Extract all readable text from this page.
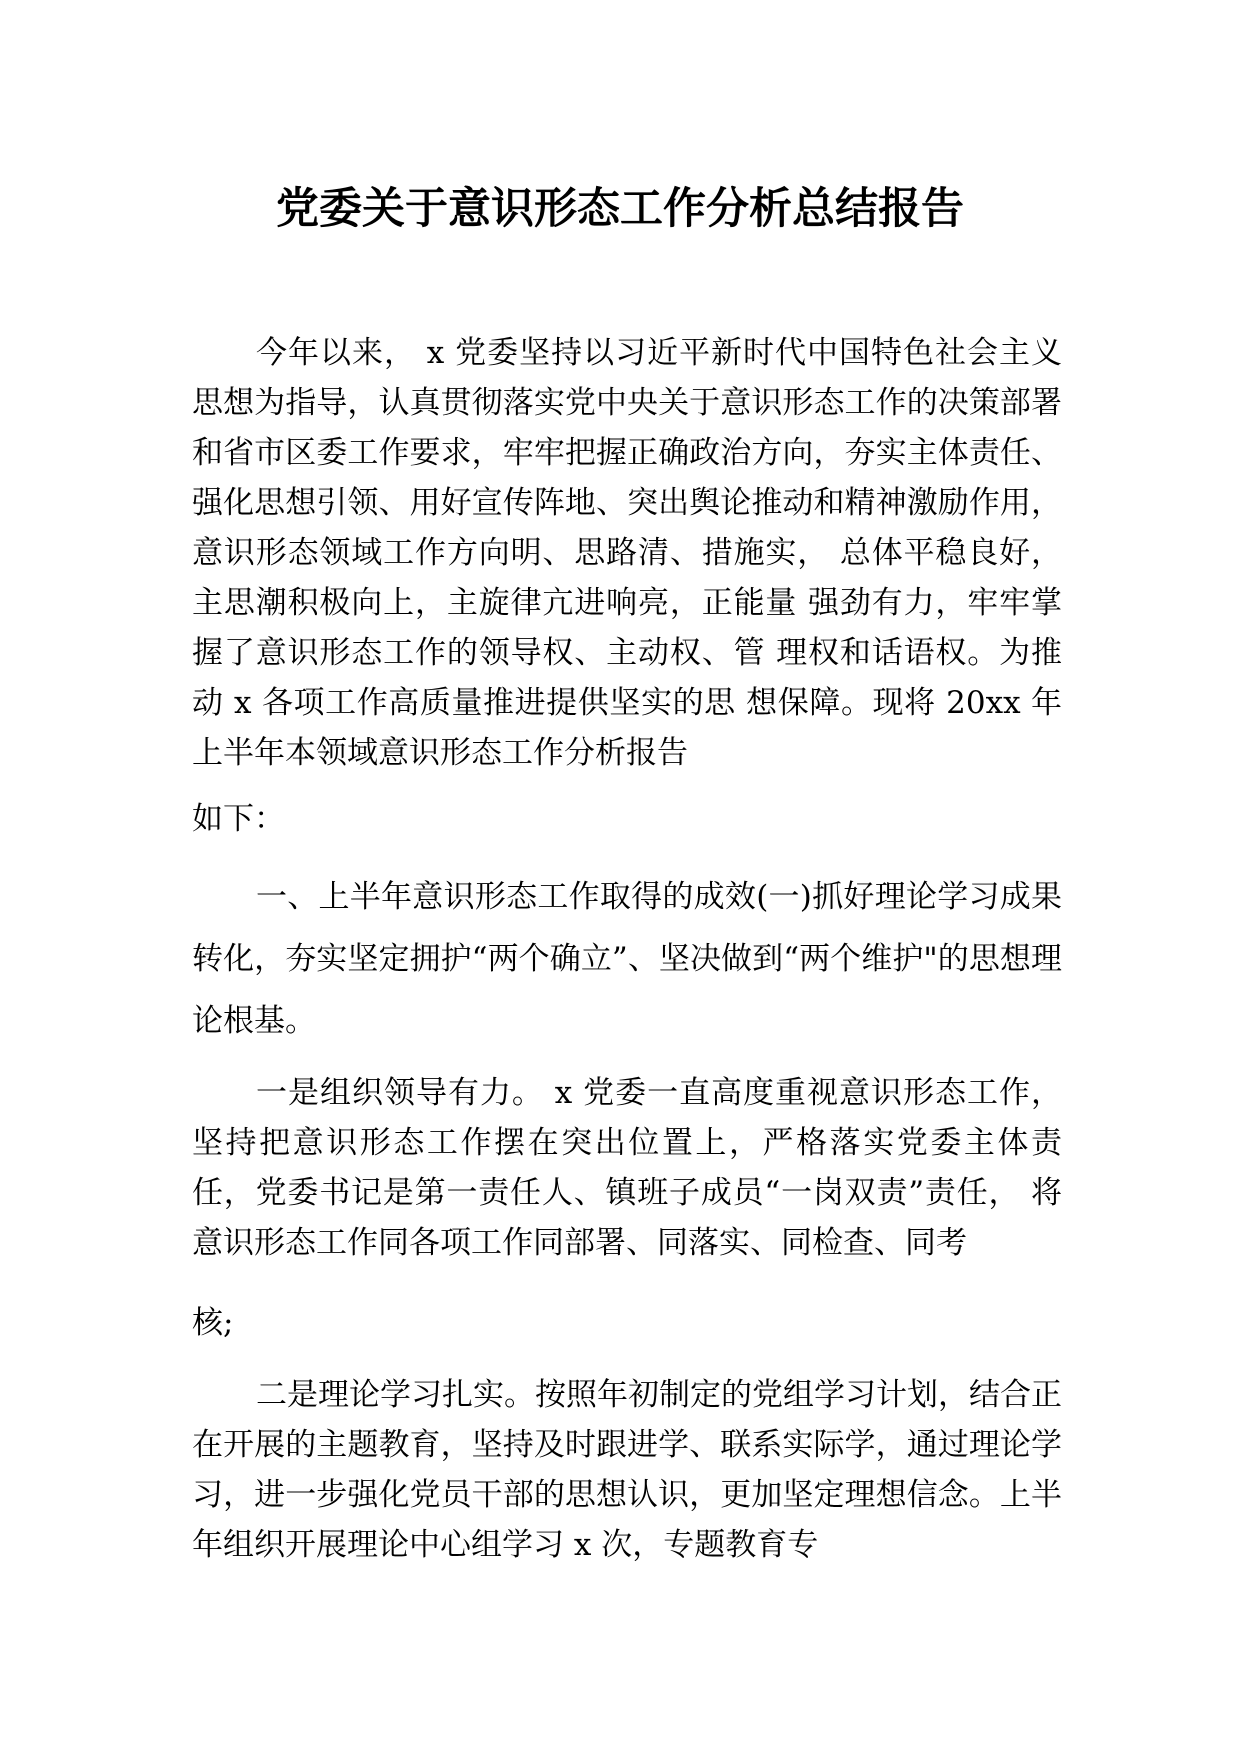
党委关于意识形态工作分析总结报告

今年以来， x 党委坚持以习近平新时代中国特色社会主义思想为指导，认真贯彻落实党中央关于意识形态工作的决策部署和省市区委工作要求，牢牢把握正确政治方向，夯实主体责任、强化思想引领、用好宣传阵地、突出舆论推动和精神激励作用，意识形态领域工作方向明、思路清、措施实， 总体平稳良好，主思潮积极向上，主旋律亢进响亮，正能量 强劲有力，牢牢掌握了意识形态工作的领导权、主动权、管 理权和话语权。为推动 x 各项工作高质量推进提供坚实的思 想保障。现将 20xx 年上半年本领域意识形态工作分析报告

如下：

一、上半年意识形态工作取得的成效(一)抓好理论学习成果转化，夯实坚定拥护“两个确立”、坚决做到“两个维护"的思想理论根基。

一是组织领导有力。 x 党委一直高度重视意识形态工作， 坚持把意识形态工作摆在突出位置上，严格落实党委主体责 任，党委书记是第一责任人、镇班子成员“一岗双责”责任， 将意识形态工作同各项工作同部署、同落实、同检查、同考

核;

二是理论学习扎实。按照年初制定的党组学习计划，结合正在开展的主题教育，坚持及时跟进学、联系实际学，通过理论学习，进一步强化党员干部的思想认识，更加坚定理想信念。上半年组织开展理论中心组学习 x 次，专题教育专
